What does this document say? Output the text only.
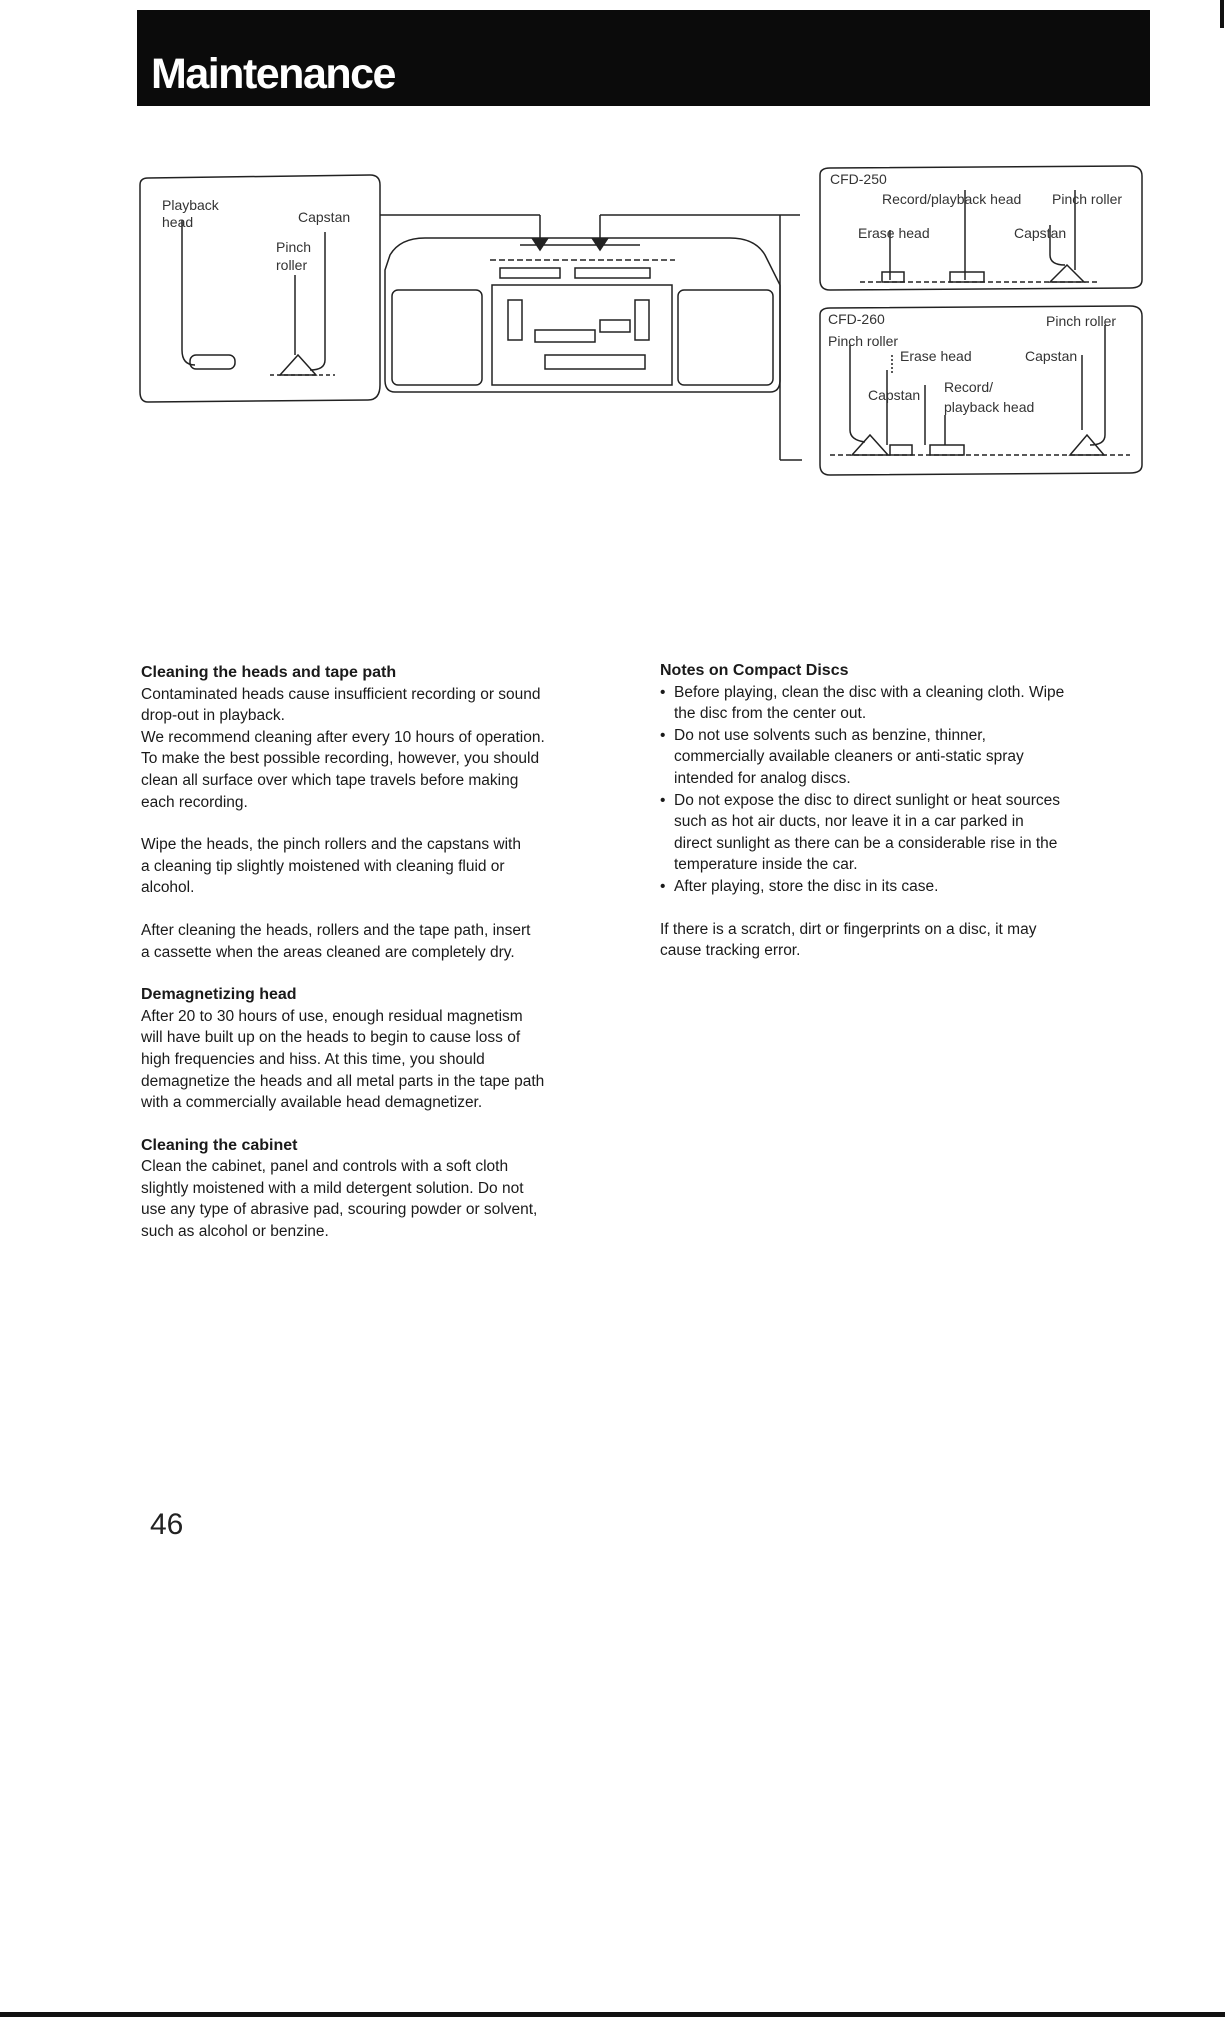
Maintenance
Playback
head	Capstan
Pinch
roller
CFD-250
Record/playback head Pinch roller
Erase head	Capstan
CFD-260
Pinch roller
Pinch roller
Erase head	Capstan
Capstan Record/
playback head

Cleaning the heads and tape path

Contaminated heads cause insufficient recording or sound

drop-out in playback.

We recommend cleaning after every 10 hours of operation.

To make the best possible recording, however, you should

clean all surface over which tape travels before making

each recording.

Wipe the heads, the pinch rollers and the capstans with

a cleaning tip slightly moistened with cleaning fluid or

alcohol.

After cleaning the heads, rollers and the tape path, insert

a cassette when the areas cleaned are completely dry.

Demagnetizing head

After 20 to 30 hours of use, enough residual magnetism

will have built up on the heads to begin to cause loss of

high frequencies and hiss. At this time, you should

demagnetize the heads and all metal parts in the tape path

with a commercially available head demagnetizer.

Cleaning the cabinet

Clean the cabinet, panel and controls with a soft cloth

slightly moistened with a mild detergent solution. Do not

use any type of abrasive pad, scouring powder or solvent,

such as alcohol or benzine.

Notes on Compact Discs

• Before playing, clean the disc with a cleaning cloth. Wipe

the disc from the center out.

• Do not use solvents such as benzine, thinner,

commercially available cleaners or anti-static spray

intended for analog discs.

• Do not expose the disc to direct sunlight or heat sources

such as hot air ducts, nor leave it in a car parked in

direct sunlight as there can be a considerable rise in the

temperature inside the car.

• After playing, store the disc in its case.

If there is a scratch, dirt or fingerprints on a disc, it may

cause tracking error.

46
